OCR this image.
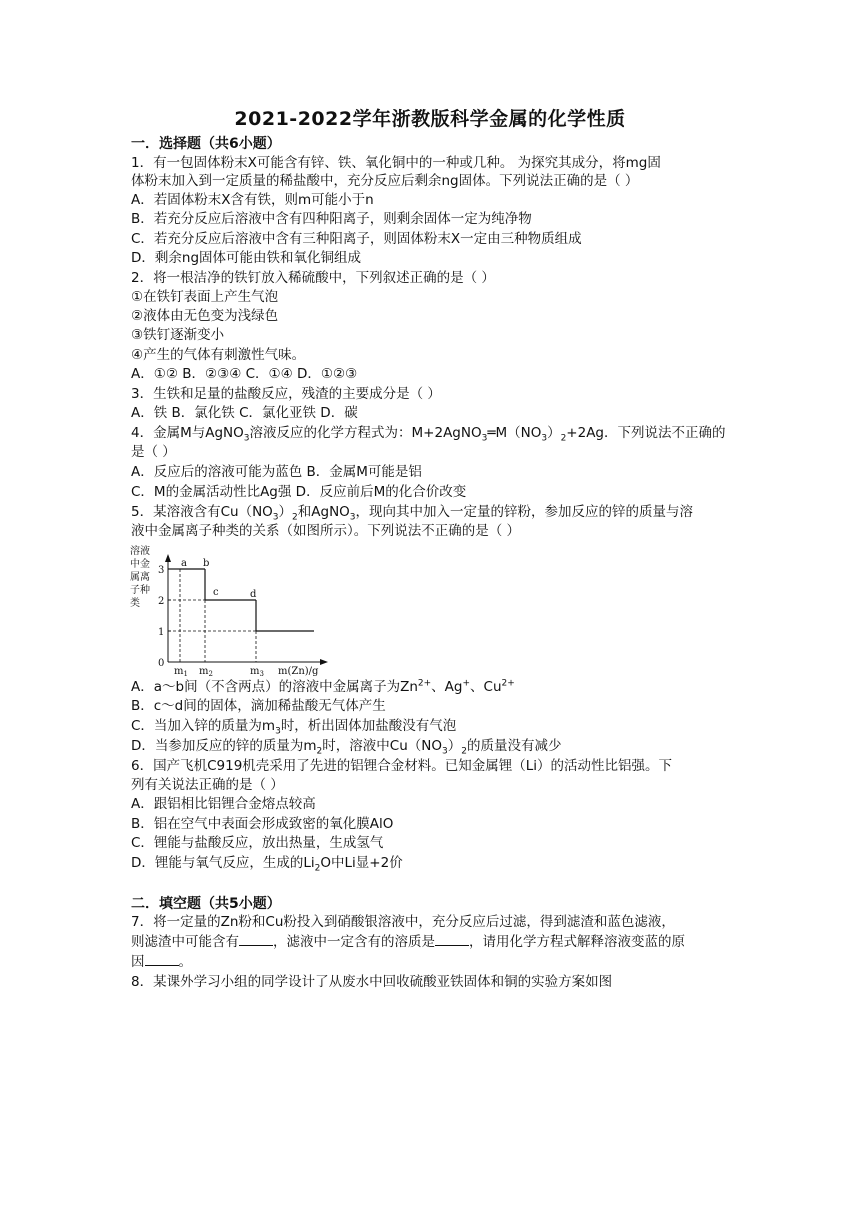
2021-2022学年浙教版科学金属的化学性质
一．选择题（共6小题）
1．有一包固体粉末X可能含有锌、铁、氧化铜中的一种或几种。 为探究其成分，将mg固
体粉末加入到一定质量的稀盐酸中，充分反应后剩余ng固体。下列说法正确的是（ ）
A．若固体粉末X含有铁，则m可能小于n
B．若充分反应后溶液中含有四种阳离子，则剩余固体一定为纯净物
C．若充分反应后溶液中含有三种阳离子，则固体粉末X一定由三种物质组成
D．剩余ng固体可能由铁和氧化铜组成
2．将一根洁净的铁钉放入稀硫酸中，下列叙述正确的是（ ）
①在铁钉表面上产生气泡
②液体由无色变为浅绿色
③铁钉逐渐变小
④产生的气体有刺激性气味。
A．①② B．②③④ C．①④ D．①②③
3．生铁和足量的盐酸反应，残渣的主要成分是（ ）
A．铁 B．氯化铁 C．氯化亚铁 D．碳
4．金属M与AgNO$_3$溶液反应的化学方程式为：$M+2AgNO_3═M(NO_3)_2+2Ag$．下列说法不正确的
是（ ）
A．反应后的溶液可能为蓝色 B．金属M可能是铝
C．M的金属活动性比Ag强 D．反应前后M的化合价改变
5．某溶液含有$Cu(NO_3)_2$和AgNO$_3$，现向其中加入一定量的锌粉，参加反应的锌的质量与溶
液中金属离子种类的关系（如图所示）。下列说法不正确的是（ ）
溶液
中金
属离
子种
类
0
1
2
3
$m_1$ $m_2$	$m_3$ m(Zn)/g
a b
c	d
A．a～b间（不含两点）的溶液中金属离子为$Zn^{2+}$、Ag+、$Cu^{2+}$
B．c～d间的固体，滴加稀盐酸无气体产生
C．当加入锌的质量为$m_3$时，析出固体加盐酸没有气泡
D．当参加反应的锌的质量为$m_2$时，溶液中$Cu(NO_3)_2$的质量没有减少
6．国产飞机C919机壳采用了先进的铝锂合金材料。已知金属锂（Li）的活动性比铝强。下
列有关说法正确的是（ ）
A．跟铝相比铝锂合金熔点较高
B．铝在空气中表面会形成致密的氧化膜AlO
C．锂能与盐酸反应，放出热量，生成氢气
D．锂能与氧气反应，生成的$Li_2O$中Li显+2价
二．填空题（共5小题）
7．将一定量的Zn粉和Cu粉投入到硝酸银溶液中，充分反应后过滤，得到滤渣和蓝色滤液，
则滤渣中可能含有	，滤液中一定含有的溶质是	，请用化学方程式解释溶液变蓝的原
因	。
8．某课外学习小组的同学设计了从废水中回收硫酸亚铁固体和铜的实验方案如图
